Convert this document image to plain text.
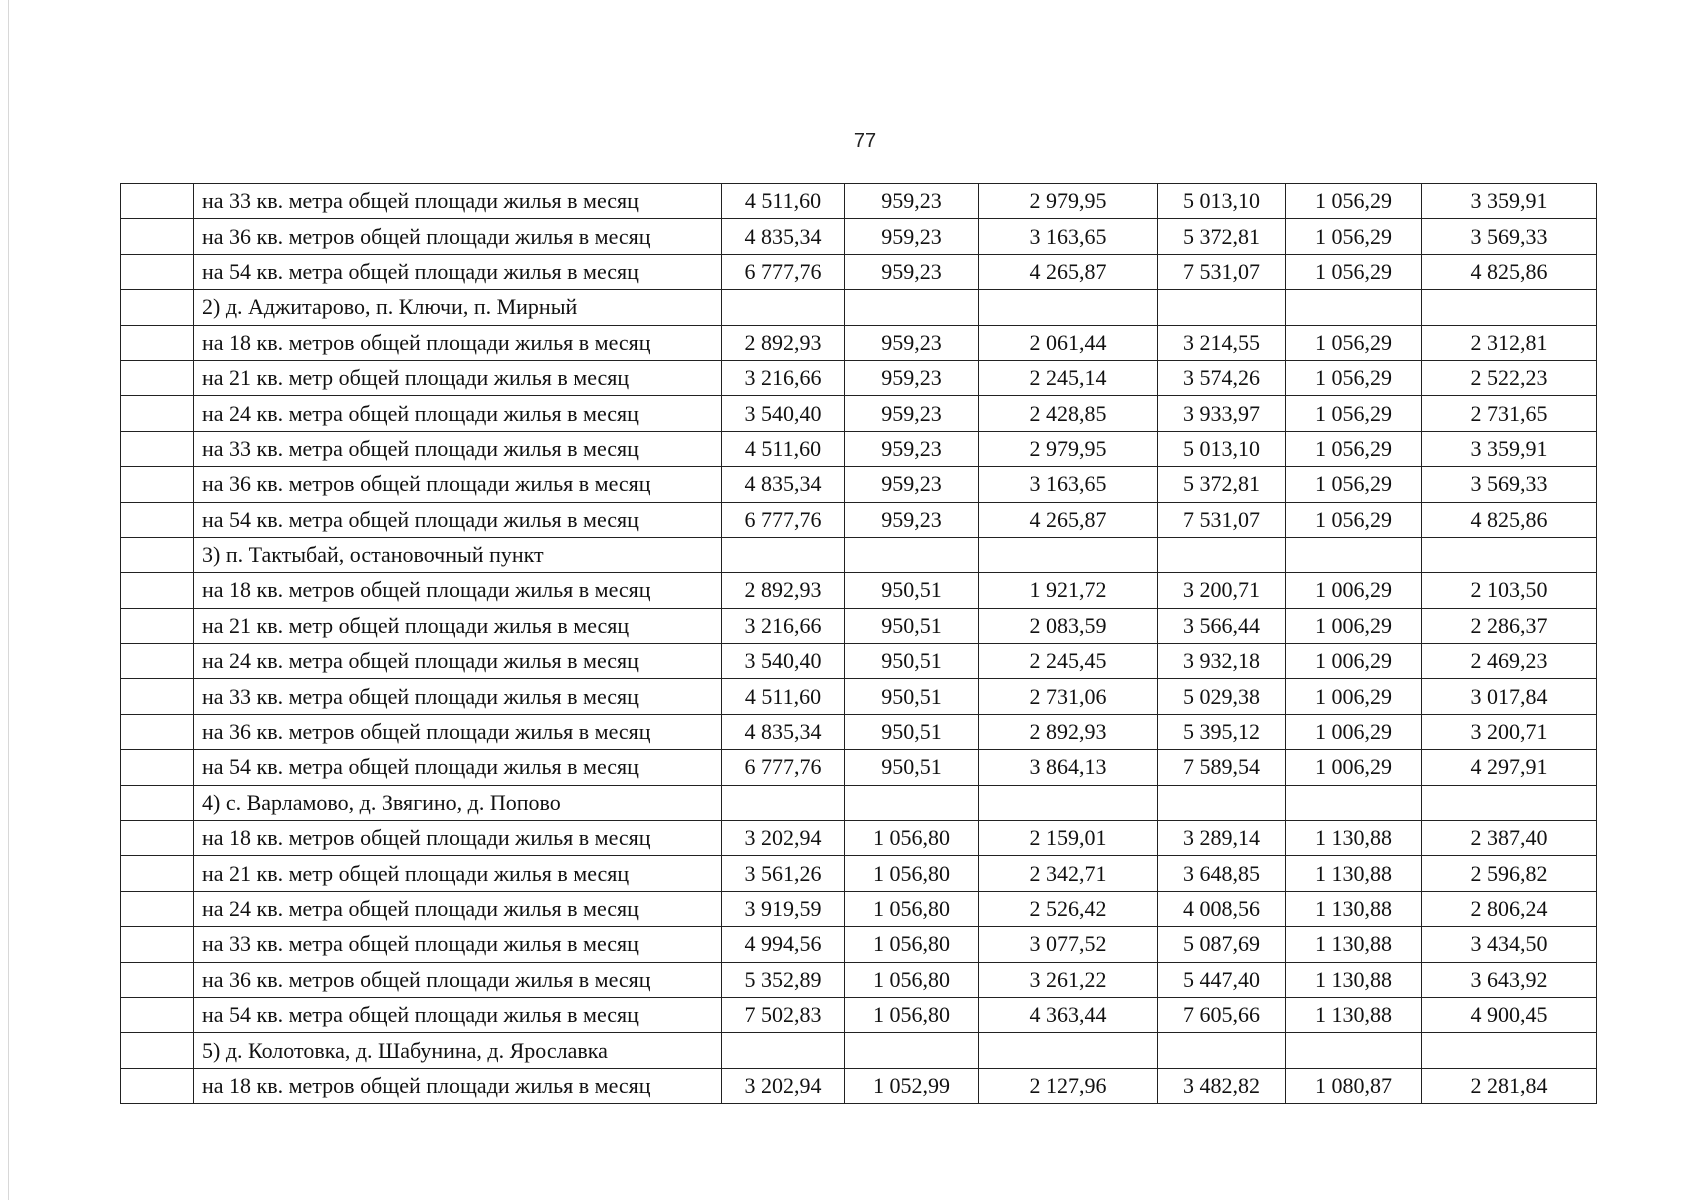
77
	на 33 кв. метра общей площади жилья в месяц	4 511,60	959,23	2 979,95	5 013,10	1 056,29	3 359,91
	на 36 кв. метров общей площади жилья в месяц	4 835,34	959,23	3 163,65	5 372,81	1 056,29	3 569,33
	на 54 кв. метра общей площади жилья в месяц	6 777,76	959,23	4 265,87	7 531,07	1 056,29	4 825,86
	2) д. Аджитарово, п. Ключи, п. Мирный						
	на 18 кв. метров общей площади жилья в месяц	2 892,93	959,23	2 061,44	3 214,55	1 056,29	2 312,81
	на 21 кв. метр общей площади жилья в месяц	3 216,66	959,23	2 245,14	3 574,26	1 056,29	2 522,23
	на 24 кв. метра общей площади жилья в месяц	3 540,40	959,23	2 428,85	3 933,97	1 056,29	2 731,65
	на 33 кв. метра общей площади жилья в месяц	4 511,60	959,23	2 979,95	5 013,10	1 056,29	3 359,91
	на 36 кв. метров общей площади жилья в месяц	4 835,34	959,23	3 163,65	5 372,81	1 056,29	3 569,33
	на 54 кв. метра общей площади жилья в месяц	6 777,76	959,23	4 265,87	7 531,07	1 056,29	4 825,86
	3) п. Тактыбай, остановочный пункт						
	на 18 кв. метров общей площади жилья в месяц	2 892,93	950,51	1 921,72	3 200,71	1 006,29	2 103,50
	на 21 кв. метр общей площади жилья в месяц	3 216,66	950,51	2 083,59	3 566,44	1 006,29	2 286,37
	на 24 кв. метра общей площади жилья в месяц	3 540,40	950,51	2 245,45	3 932,18	1 006,29	2 469,23
	на 33 кв. метра общей площади жилья в месяц	4 511,60	950,51	2 731,06	5 029,38	1 006,29	3 017,84
	на 36 кв. метров общей площади жилья в месяц	4 835,34	950,51	2 892,93	5 395,12	1 006,29	3 200,71
	на 54 кв. метра общей площади жилья в месяц	6 777,76	950,51	3 864,13	7 589,54	1 006,29	4 297,91
	4) с. Варламово, д. Звягино, д. Попово						
	на 18 кв. метров общей площади жилья в месяц	3 202,94	1 056,80	2 159,01	3 289,14	1 130,88	2 387,40
	на 21 кв. метр общей площади жилья в месяц	3 561,26	1 056,80	2 342,71	3 648,85	1 130,88	2 596,82
	на 24 кв. метра общей площади жилья в месяц	3 919,59	1 056,80	2 526,42	4 008,56	1 130,88	2 806,24
	на 33 кв. метра общей площади жилья в месяц	4 994,56	1 056,80	3 077,52	5 087,69	1 130,88	3 434,50
	на 36 кв. метров общей площади жилья в месяц	5 352,89	1 056,80	3 261,22	5 447,40	1 130,88	3 643,92
	на 54 кв. метра общей площади жилья в месяц	7 502,83	1 056,80	4 363,44	7 605,66	1 130,88	4 900,45
	5) д. Колотовка, д. Шабунина, д. Ярославка						
	на 18 кв. метров общей площади жилья в месяц	3 202,94	1 052,99	2 127,96	3 482,82	1 080,87	2 281,84
